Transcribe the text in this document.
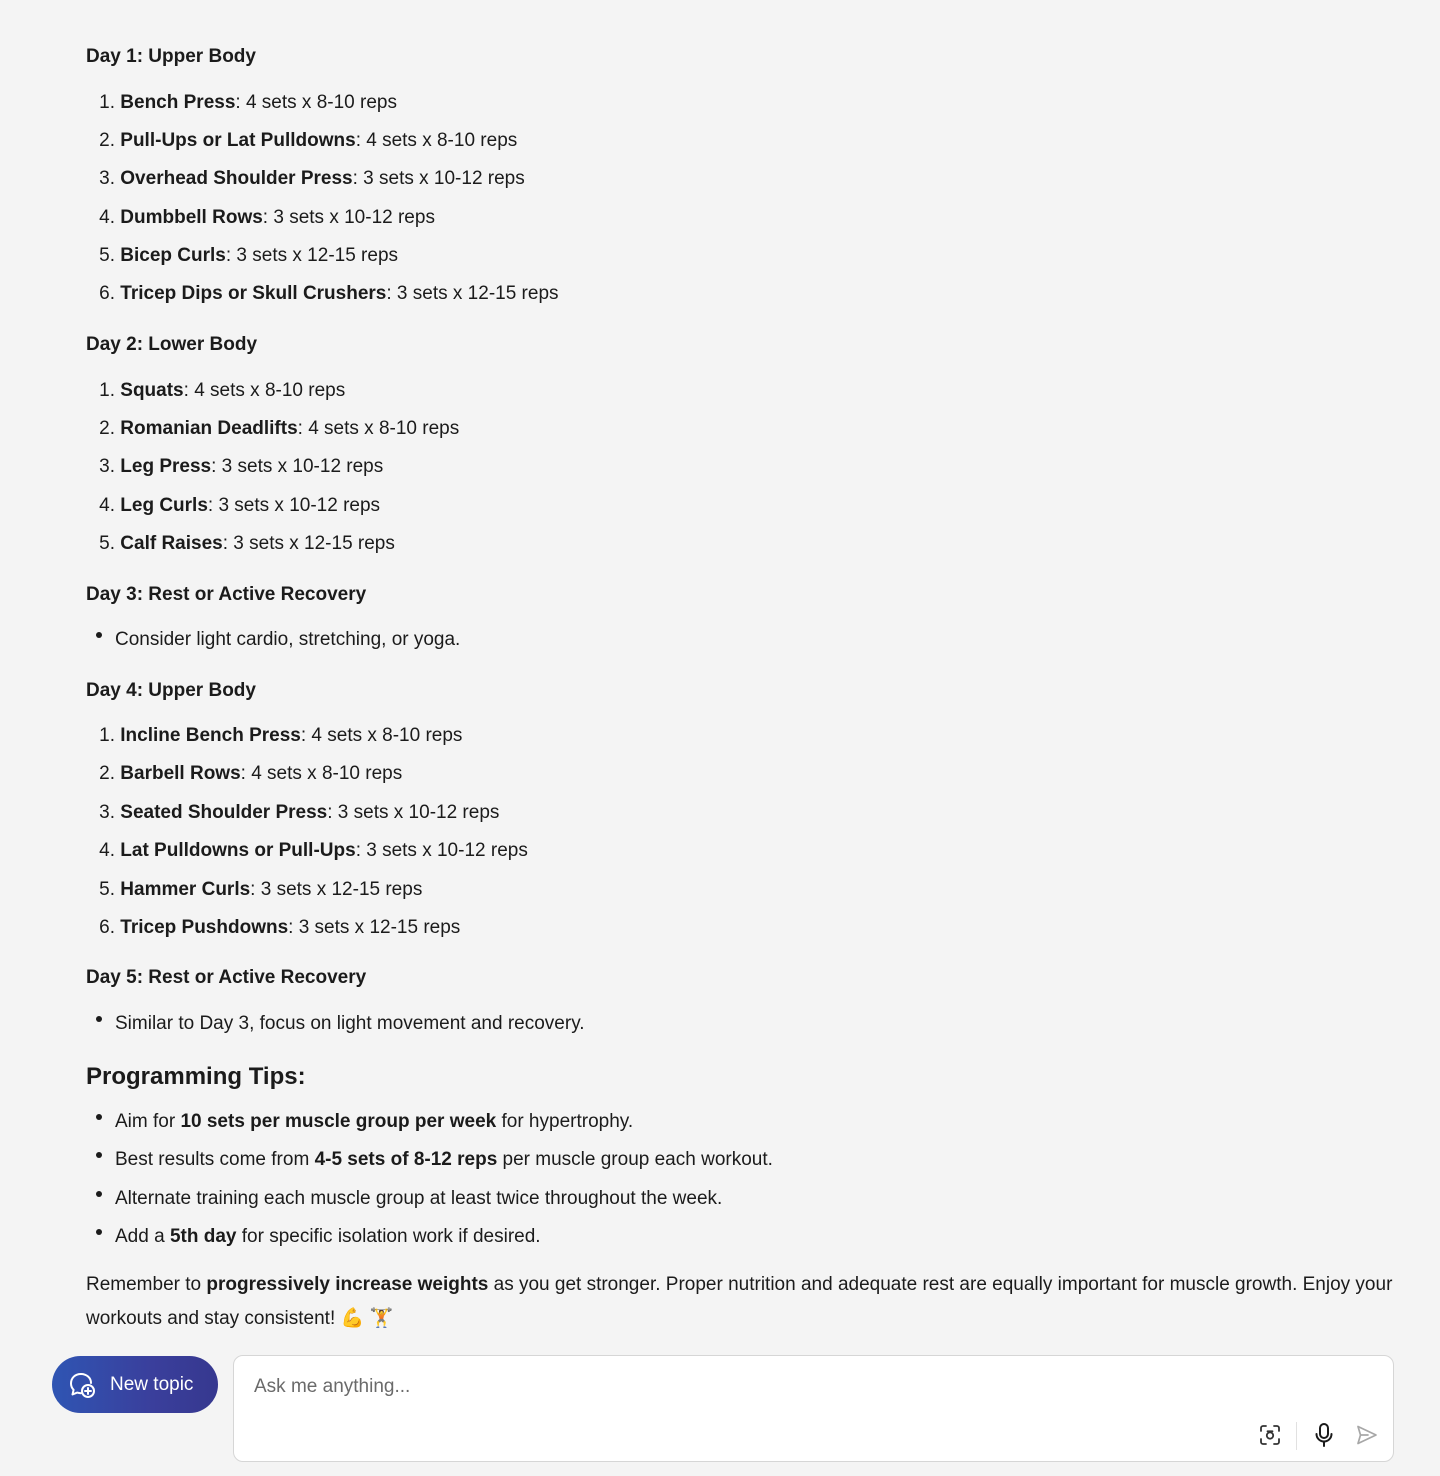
Day 1: Upper Body
1. Bench Press: 4 sets x 8-10 reps
2. Pull-Ups or Lat Pulldowns: 4 sets x 8-10 reps
3. Overhead Shoulder Press: 3 sets x 10-12 reps
4. Dumbbell Rows: 3 sets x 10-12 reps
5. Bicep Curls: 3 sets x 12-15 reps
6. Tricep Dips or Skull Crushers: 3 sets x 12-15 reps
Day 2: Lower Body
1. Squats: 4 sets x 8-10 reps
2. Romanian Deadlifts: 4 sets x 8-10 reps
3. Leg Press: 3 sets x 10-12 reps
4. Leg Curls: 3 sets x 10-12 reps
5. Calf Raises: 3 sets x 12-15 reps
Day 3: Rest or Active Recovery
Consider light cardio, stretching, or yoga.
Day 4: Upper Body
1. Incline Bench Press: 4 sets x 8-10 reps
2. Barbell Rows: 4 sets x 8-10 reps
3. Seated Shoulder Press: 3 sets x 10-12 reps
4. Lat Pulldowns or Pull-Ups: 3 sets x 10-12 reps
5. Hammer Curls: 3 sets x 12-15 reps
6. Tricep Pushdowns: 3 sets x 12-15 reps
Day 5: Rest or Active Recovery
Similar to Day 3, focus on light movement and recovery.
Programming Tips:
Aim for 10 sets per muscle group per week for hypertrophy.
Best results come from 4-5 sets of 8-12 reps per muscle group each workout.
Alternate training each muscle group at least twice throughout the week.
Add a 5th day for specific isolation work if desired.
Remember to progressively increase weights as you get stronger. Proper nutrition and adequate rest are equally important for muscle growth. Enjoy your workouts and stay consistent! 💪 🏋️
New topic
Ask me anything...
